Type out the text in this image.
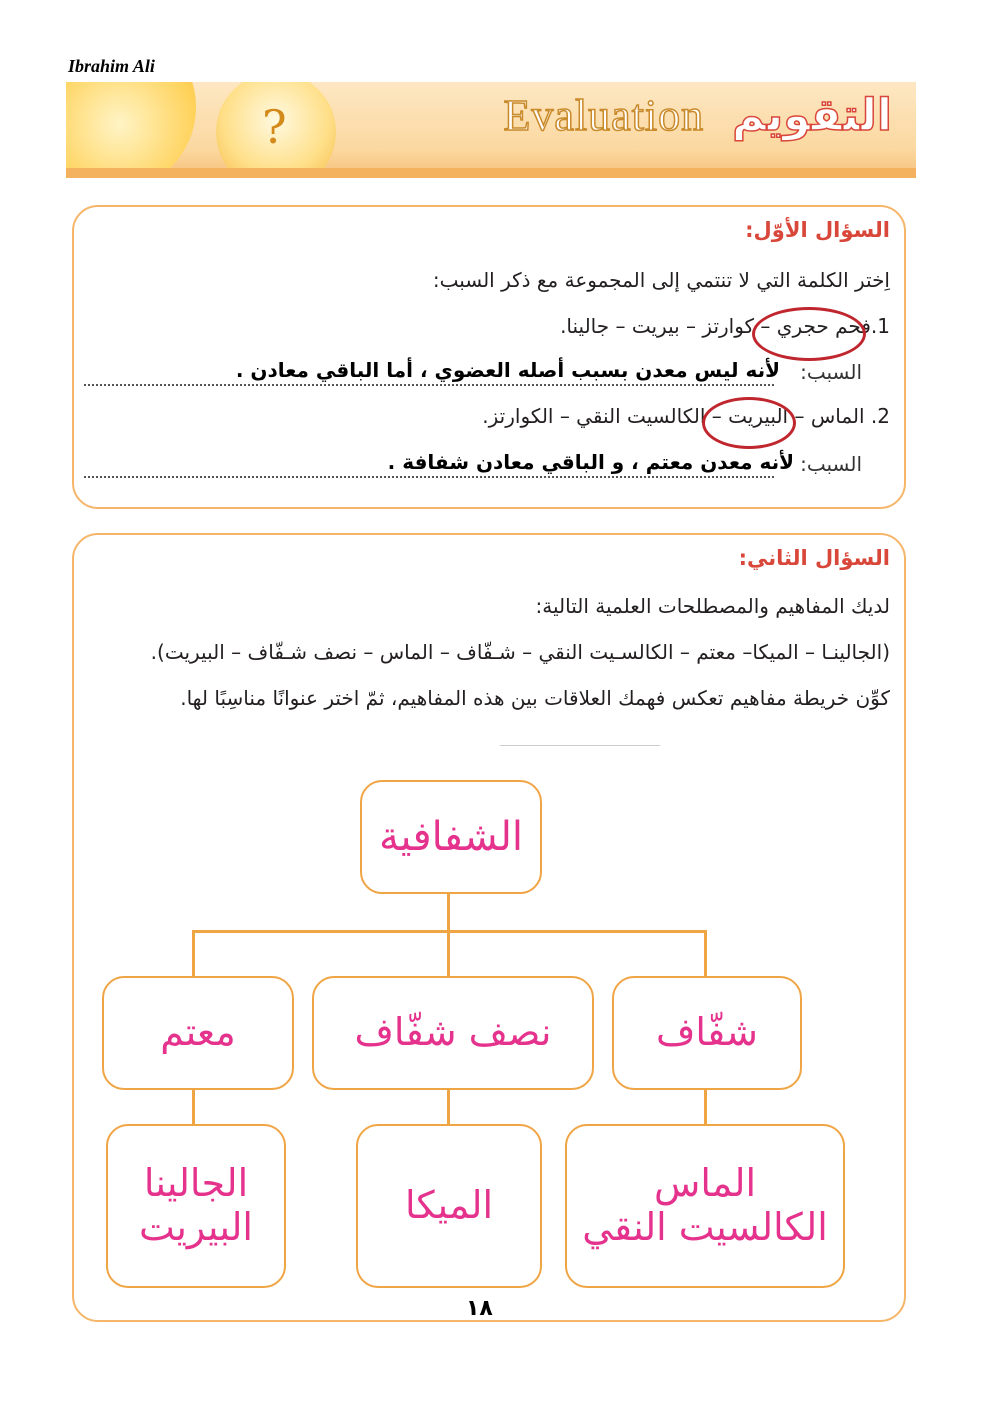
Ibrahim Ali
?	Evaluation التقويم
السؤال الأوّل:
اِختر الكلمة التي لا تنتمي إلى المجموعة مع ذكر السبب:
1.فحم حجري – كوارتز – بيريت – جالينا.
السبب:
لأنه ليس معدن بسبب أصله العضوي ، أما الباقي معادن .
2. الماس – البيريت – الكالسيت النقي – الكوارتز.
السبب:
لأنه معدن معتم ، و الباقي معادن شفافة .
السؤال الثاني:
لديك المفاهيم والمصطلحات العلمية التالية:
(الجالينـا – الميكا– معتم – الكالسـيت النقي – شـفّاف – الماس – نصف شـفّاف – البيريت).
كوِّن خريطة مفاهيم تعكس فهمك العلاقات بين هذه المفاهيم، ثمّ اختر عنوانًا مناسِبًا لها.
الشفافية
شفّاف
نصف شفّاف
معتم
الماس
الكالسيت النقي
الميكا
الجالينا
البيريت
١٨
